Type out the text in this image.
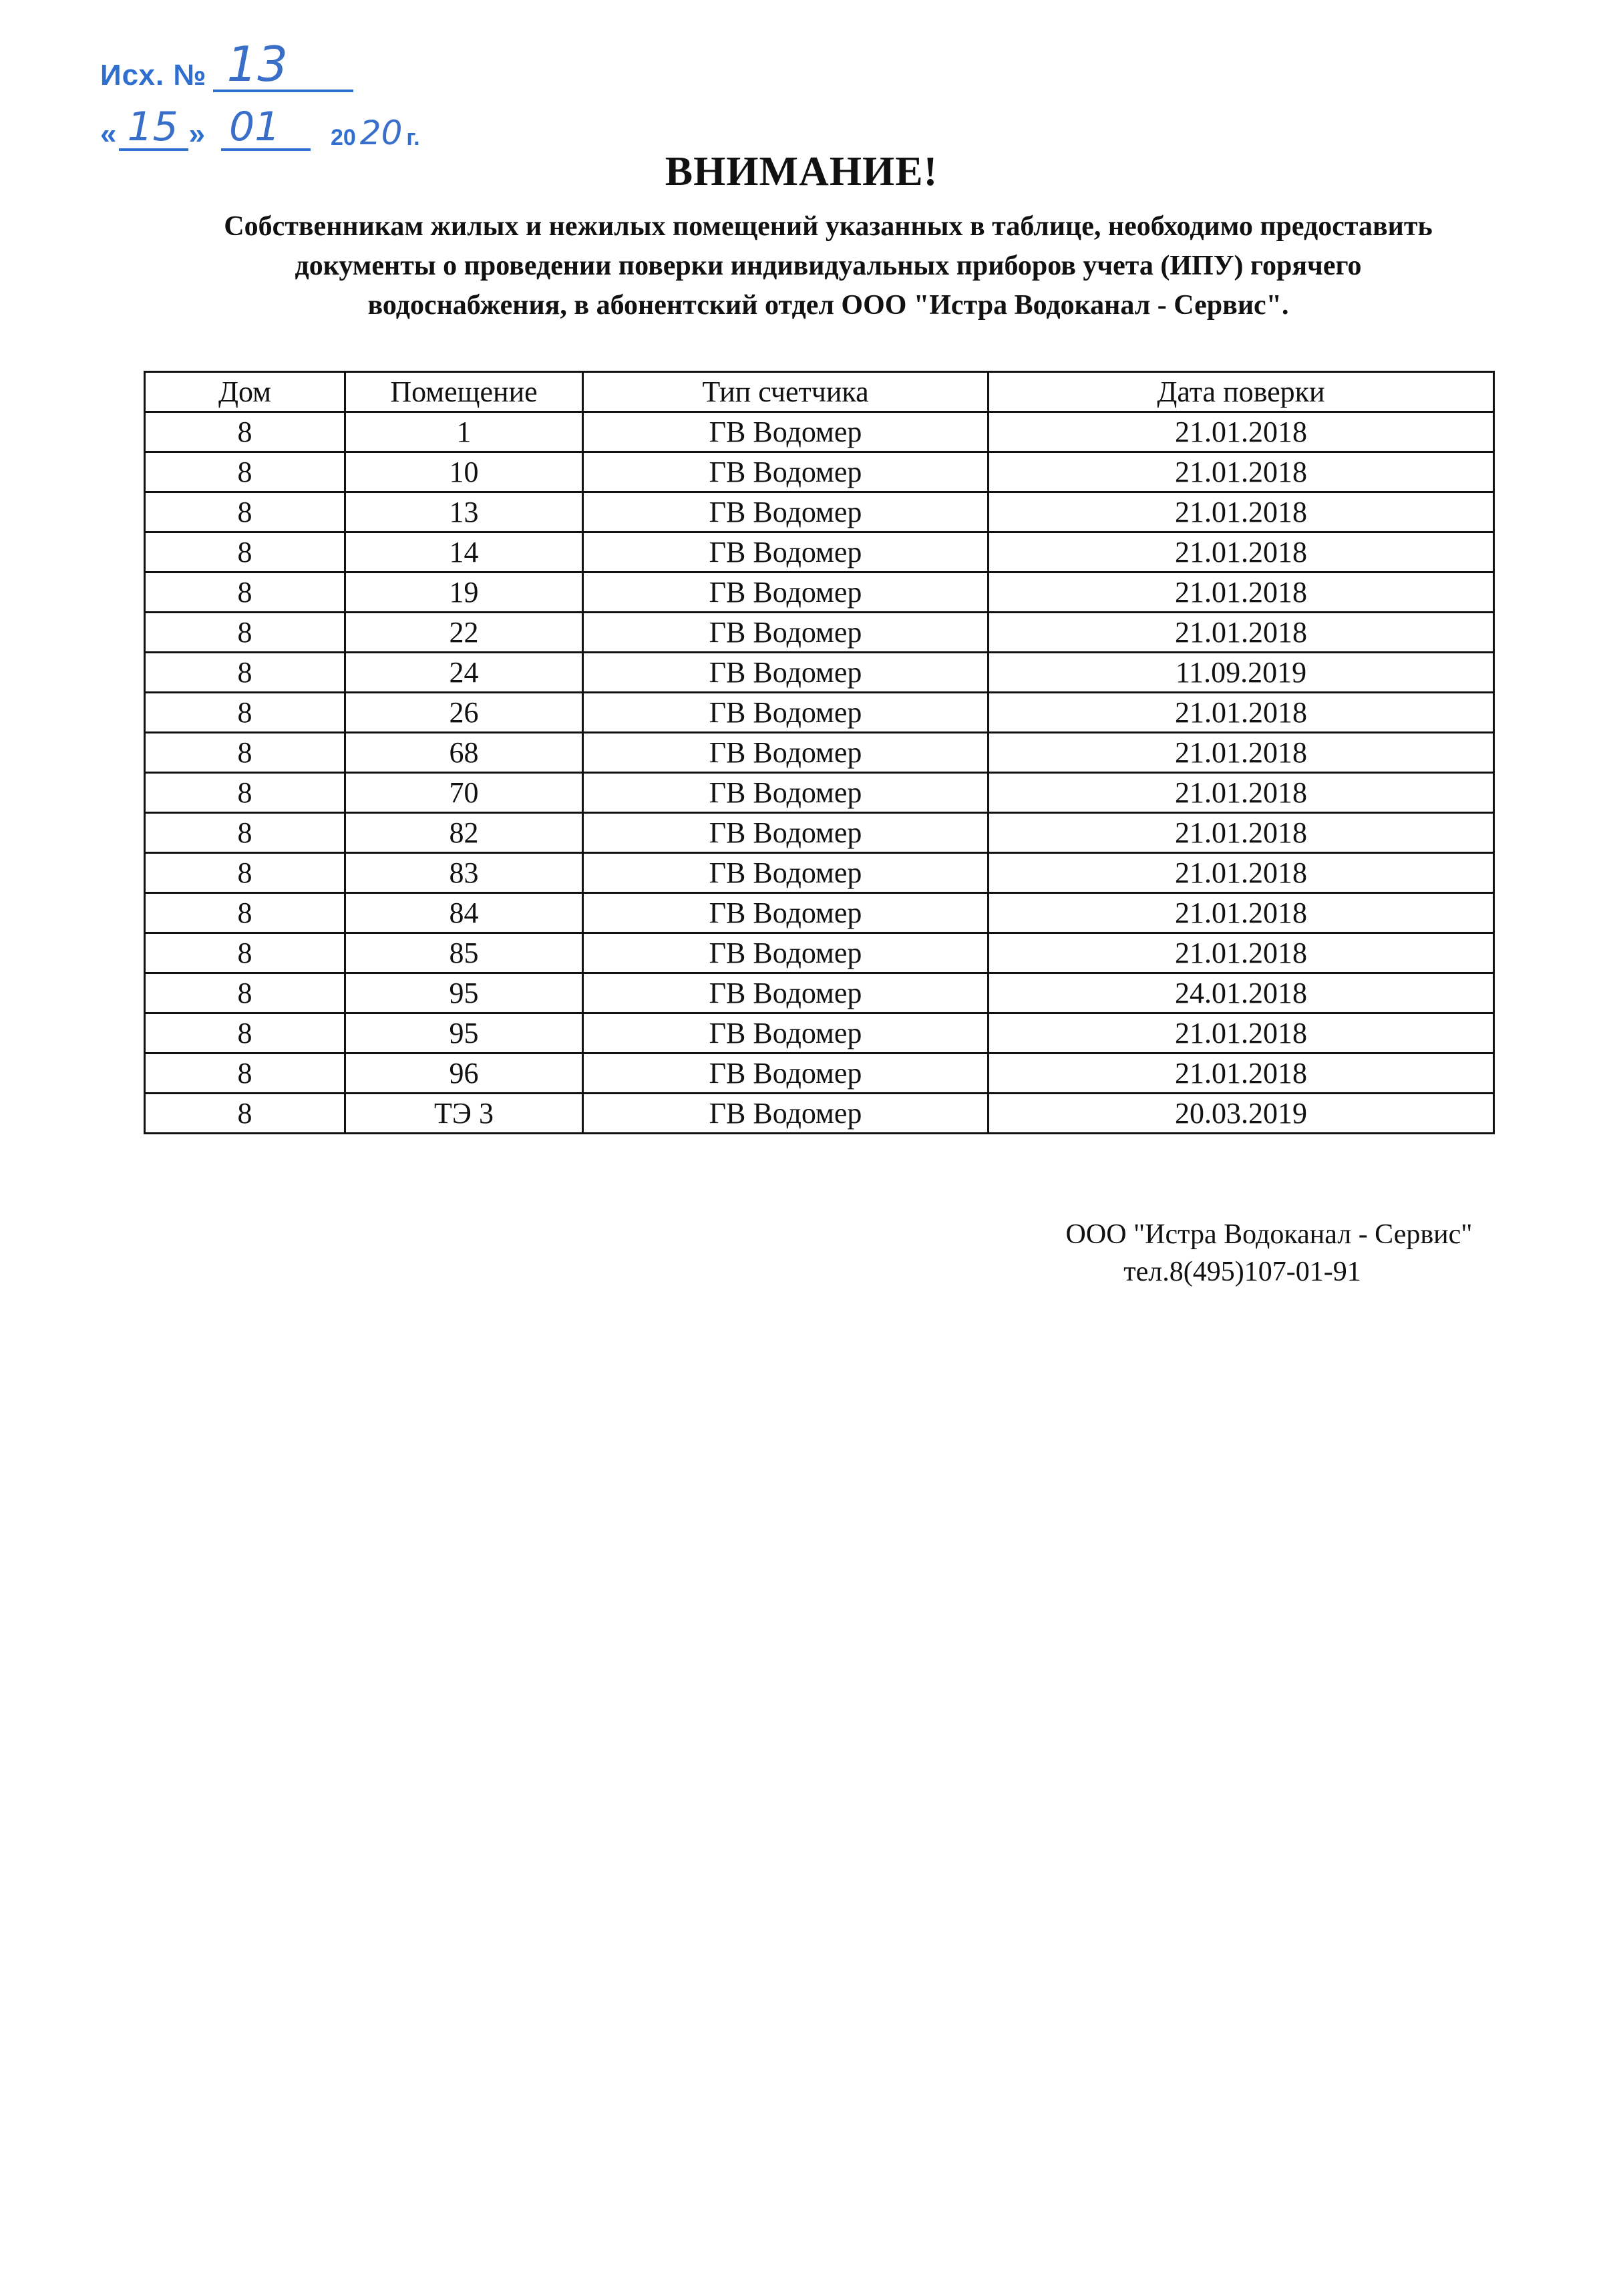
Исх. № 13
« 15 » 01	20 20 г.
ВНИМАНИЕ!
Собственникам жилых и нежилых помещений указанных в таблице, необходимо предоставить документы о проведении поверки индивидуальных приборов учета (ИПУ) горячего водоснабжения, в абонентский отдел ООО "Истра Водоканал - Сервис".
Дом	Помещение	Тип счетчика	Дата поверки
8	1	ГВ Водомер	21.01.2018
8	10	ГВ Водомер	21.01.2018
8	13	ГВ Водомер	21.01.2018
8	14	ГВ Водомер	21.01.2018
8	19	ГВ Водомер	21.01.2018
8	22	ГВ Водомер	21.01.2018
8	24	ГВ Водомер	11.09.2019
8	26	ГВ Водомер	21.01.2018
8	68	ГВ Водомер	21.01.2018
8	70	ГВ Водомер	21.01.2018
8	82	ГВ Водомер	21.01.2018
8	83	ГВ Водомер	21.01.2018
8	84	ГВ Водомер	21.01.2018
8	85	ГВ Водомер	21.01.2018
8	95	ГВ Водомер	24.01.2018
8	95	ГВ Водомер	21.01.2018
8	96	ГВ Водомер	21.01.2018
8	ТЭ 3	ГВ Водомер	20.03.2019
ООО "Истра Водоканал - Сервис"
тел.8(495)107-01-91
